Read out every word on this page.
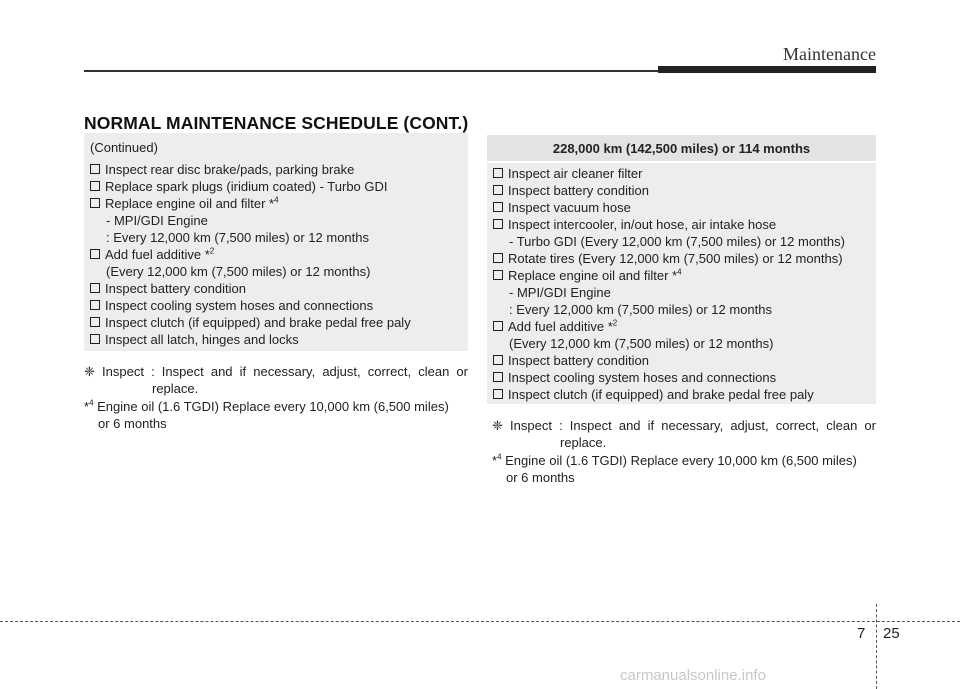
Maintenance
NORMAL MAINTENANCE SCHEDULE (CONT.)
(Continued)
Inspect rear disc brake/pads, parking brake
Replace spark plugs (iridium coated) - Turbo GDI
Replace engine oil and filter *$^4$
- MPI/GDI Engine
: Every 12,000 km (7,500 miles) or 12 months
Add fuel additive *$^2$
(Every 12,000 km (7,500 miles) or 12 months)
Inspect battery condition
Inspect cooling system hoses and connections
Inspect clutch (if equipped) and brake pedal free paly
Inspect all latch, hinges and locks
❈ Inspect : Inspect and if necessary, adjust, correct, clean or
replace.
*$^4$ Engine oil (1.6 TGDI) Replace every 10,000 km (6,500 miles)
or 6 months
228,000 km (142,500 miles) or 114 months
Inspect air cleaner filter
Inspect battery condition
Inspect vacuum hose
Inspect intercooler, in/out hose, air intake hose
- Turbo GDI (Every 12,000 km (7,500 miles) or 12 months)
Rotate tires (Every 12,000 km (7,500 miles) or 12 months)
Replace engine oil and filter *$^4$
- MPI/GDI Engine
: Every 12,000 km (7,500 miles) or 12 months
Add fuel additive *$^2$
(Every 12,000 km (7,500 miles) or 12 months)
Inspect battery condition
Inspect cooling system hoses and connections
Inspect clutch (if equipped) and brake pedal free paly
❈ Inspect : Inspect and if necessary, adjust, correct, clean or
replace.
*$^4$ Engine oil (1.6 TGDI) Replace every 10,000 km (6,500 miles)
or 6 months
7 25
carmanualsonline.info
